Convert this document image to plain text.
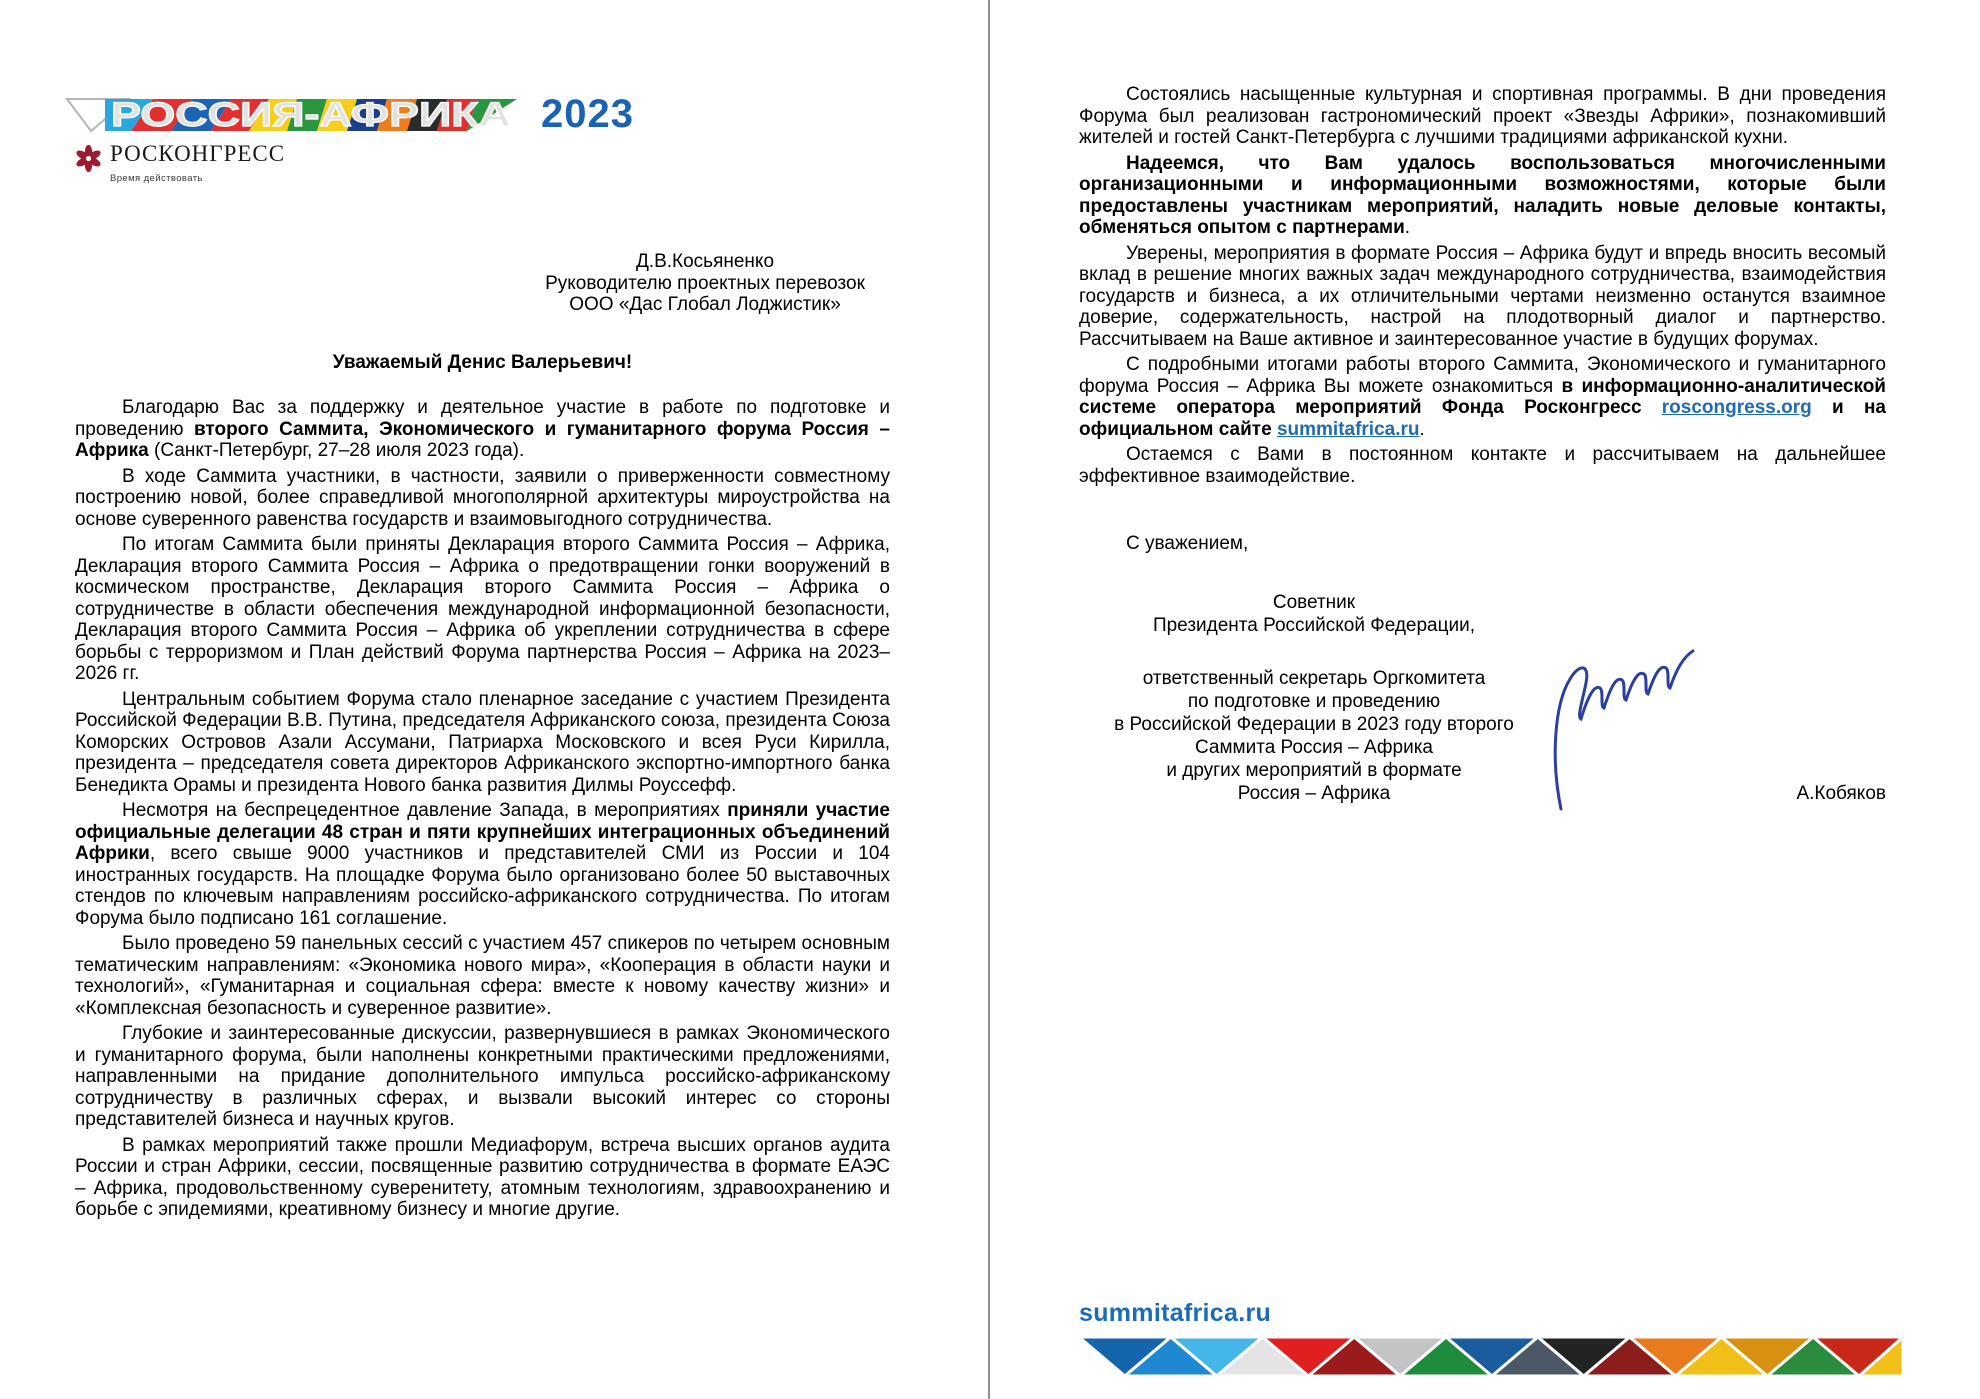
РОССИЯ-АФРИКА 2023
РОСКОНГРЕСС
Время действовать
Д.В.Косьяненко
Руководителю проектных перевозок
ООО «Дас Глобал Лоджистик»
Уважаемый Денис Валерьевич!

Благодарю Вас за поддержку и деятельное участие в работе по подготовке и проведению второго Саммита, Экономического и гуманитарного форума Россия – Африка (Санкт-Петербург, 27–28 июля 2023 года).

В ходе Саммита участники, в частности, заявили о приверженности совместному построению новой, более справедливой многополярной архитектуры мироустройства на основе суверенного равенства государств и взаимовыгодного сотрудничества.

По итогам Саммита были приняты Декларация второго Саммита Россия – Африка, Декларация второго Саммита Россия – Африка о предотвращении гонки вооружений в космическом пространстве, Декларация второго Саммита Россия – Африка о сотрудничестве в области обеспечения международной информационной безопасности, Декларация второго Саммита Россия – Африка об укреплении сотрудничества в сфере борьбы с терроризмом и План действий Форума партнерства Россия – Африка на 2023–2026 гг.

Центральным событием Форума стало пленарное заседание с участием Президента Российской Федерации В.В. Путина, председателя Африканского союза, президента Союза Коморских Островов Азали Ассумани, Патриарха Московского и всея Руси Кирилла, президента – председателя совета директоров Африканского экспортно-импортного банка Бенедикта Орамы и президента Нового банка развития Дилмы Роуссефф.

Несмотря на беспрецедентное давление Запада, в мероприятиях приняли участие официальные делегации 48 стран и пяти крупнейших интеграционных объединений Африки, всего свыше 9000 участников и представителей СМИ из России и 104 иностранных государств. На площадке Форума было организовано более 50 выставочных стендов по ключевым направлениям российско-африканского сотрудничества. По итогам Форума было подписано 161 соглашение.

Было проведено 59 панельных сессий с участием 457 спикеров по четырем основным тематическим направлениям: «Экономика нового мира», «Кооперация в области науки и технологий», «Гуманитарная и социальная сфера: вместе к новому качеству жизни» и «Комплексная безопасность и суверенное развитие».

Глубокие и заинтересованные дискуссии, развернувшиеся в рамках Экономического и гуманитарного форума, были наполнены конкретными практическими предложениями, направленными на придание дополнительного импульса российско-африканскому сотрудничеству в различных сферах, и вызвали высокий интерес со стороны представителей бизнеса и научных кругов.

В рамках мероприятий также прошли Медиафорум, встреча высших органов аудита России и стран Африки, сессии, посвященные развитию сотрудничества в формате ЕАЭС – Африка, продовольственному суверенитету, атомным технологиям, здравоохранению и борьбе с эпидемиями, креативному бизнесу и многие другие.

Состоялись насыщенные культурная и спортивная программы. В дни проведения Форума был реализован гастрономический проект «Звезды Африки», познакомивший жителей и гостей Санкт-Петербурга с лучшими традициями африканской кухни.

Надеемся, что Вам удалось воспользоваться многочисленными организационными и информационными возможностями, которые были предоставлены участникам мероприятий, наладить новые деловые контакты, обменяться опытом с партнерами.

Уверены, мероприятия в формате Россия – Африка будут и впредь вносить весомый вклад в решение многих важных задач международного сотрудничества, взаимодействия государств и бизнеса, а их отличительными чертами неизменно останутся взаимное доверие, содержательность, настрой на плодотворный диалог и партнерство. Рассчитываем на Ваше активное и заинтересованное участие в будущих форумах.

С подробными итогами работы второго Саммита, Экономического и гуманитарного форума Россия – Африка Вы можете ознакомиться в информационно-аналитической системе оператора мероприятий Фонда Росконгресс roscongress.org и на официальном сайте summitafrica.ru.

Остаемся с Вами в постоянном контакте и рассчитываем на дальнейшее эффективное взаимодействие.

С уважением,
Советник
Президента Российской Федерации,
ответственный секретарь Оргкомитета
по подготовке и проведению
в Российской Федерации в 2023 году второго
Саммита Россия – Африка
и других мероприятий в формате
Россия – Африка	А.Кобяков
summitafrica.ru
